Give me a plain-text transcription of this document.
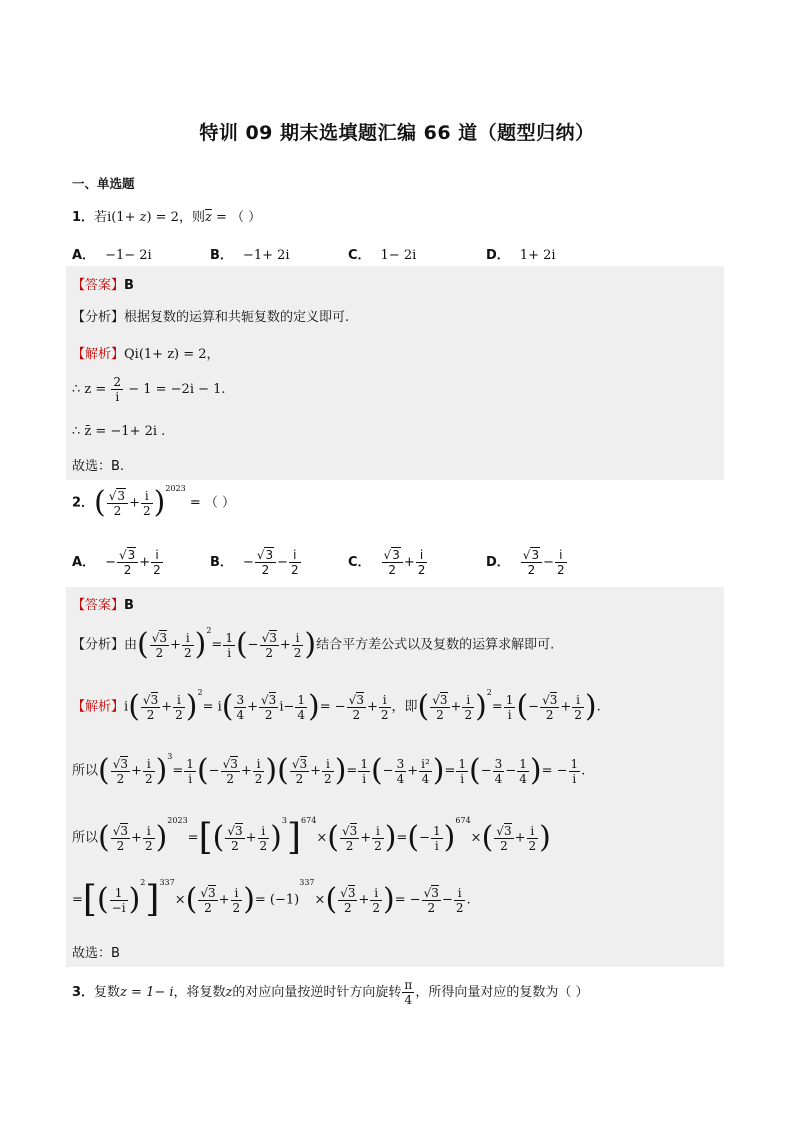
特训 09 期末选填题汇编 66 道（题型归纳）
一、单选题
1．若i(1+ z) = 2，则$\overline{z}$ = （ ）
A． −1− 2i	B． −1+ 2i	C． 1− 2i	D． 1+ 2i
【答案】B
【分析】根据复数的运算和共轭复数的定义即可.
【解析】Qi(1+ z) = 2，
∴ $z = \frac{2}{i} - 1 = -2i - 1$.
∴ z̄ = −1+ 2i .
故选：B.
2．( $\frac{√3}{2} + \frac{i}{2} )^{2023}$ = （ ）
A． − $\frac{√3}{2} + \frac{i}{2}$	B． − $\frac{√3}{2} - \frac{i}{2}$	C． $\frac{√3}{2} + \frac{i}{2}$	D． $\frac{√3}{2} - \frac{i}{2}$
【答案】B
【分析】由( $\frac{√3}{2} + \frac{i}{2} )^2= \frac{1}{i}$ (− $\frac{√3}{2} + \frac{i}{2}$ )结合平方差公式以及复数的运算求解即可.
【解析】$i( \frac{√3}{2} + \frac{i}{2} )^2= i( \frac{3}{4} + \frac{√3}{2} i- \frac{1}{4}$ )= − $\frac{√3}{2} + \frac{i}{2}$ ，即( $\frac{√3}{2} + \frac{i}{2} )^2= \frac{1}{i}$ (− $\frac{√3}{2} + \frac{i}{2}$ ).
所以( $\frac{√3}{2} + \frac{i}{2} )^3= \frac{1}{i}$ (− $\frac{√3}{2} + \frac{i}{2}$ )( $\frac{√3}{2} + \frac{i}{2}$ )= $\frac{1}{i}$ (− $\frac{3}{4} + \frac{\text{i²}}{4}$ )= $\frac{1}{i}$ (− $\frac{3}{4} - \frac{1}{4}$ )= − $\frac{1}{i}$ .
所以( $\frac{√3}{2} + \frac{i}{2} )^{2023}=[( \frac{√3}{2} + \frac{i}{2} )^3]^{674}\times( \frac{√3}{2} + \frac{i}{2}$ )=(− $\frac{1}{i} )^{674}\times( \frac{√3}{2} + \frac{i}{2}$ )
=[( $\frac{1}{-i} )^2]^{337}\times( \frac{√3}{2} + \frac{i}{2}$ )= $(-1)^{337}\times( \frac{√3}{2} + \frac{i}{2}$ )= − $\frac{√3}{2} - \frac{i}{2}$ .
故选：B
3．复数z = 1− i，将复数z的对应向量按逆时针方向旋转 $\frac{\pi}{4}$ ，所得向量对应的复数为（ ）
